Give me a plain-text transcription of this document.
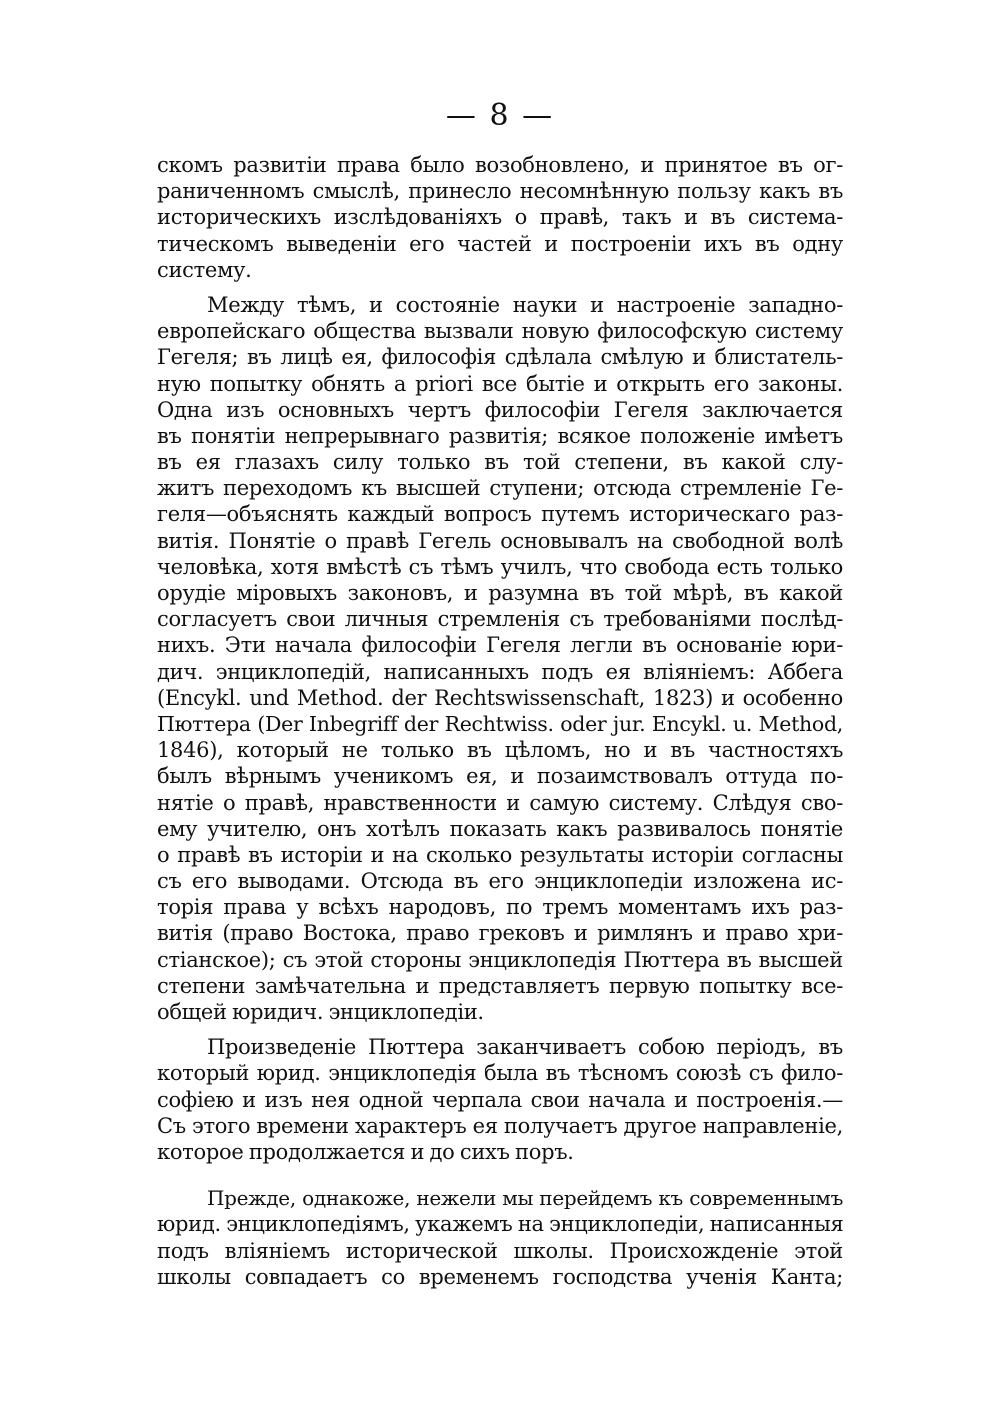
— 8 —
скомъ развитіи права было возобновлено, и принятое въ ог-
раниченномъ смыслѣ, принесло несомнѣнную пользу какъ въ
историческихъ изслѣдованіяхъ о правѣ, такъ и въ система-
тическомъ выведеніи его частей и построеніи ихъ въ одну
систему.
Между тѣмъ, и состояніе науки и настроеніе западно-
европейскаго общества вызвали новую философскую систему
Гегеля; въ лицѣ ея, философія сдѣлала смѣлую и блистатель-
ную попытку обнять a priori все бытіе и открыть его законы.
Одна изъ основныхъ чертъ философіи Гегеля заключается
въ понятіи непрерывнаго развитія; всякое положеніе имѣетъ
въ ея глазахъ силу только въ той степени, въ какой слу-
житъ переходомъ къ высшей ступени; отсюда стремленіе Ге-
геля—объяснять каждый вопросъ путемъ историческаго раз-
витія. Понятіе о правѣ Гегель основывалъ на свободной волѣ
человѣка, хотя вмѣстѣ съ тѣмъ училъ, что свобода есть только
орудіе міровыхъ законовъ, и разумна въ той мѣрѣ, въ какой
согласуетъ свои личныя стремленія съ требованіями послѣд-
нихъ. Эти начала философіи Гегеля легли въ основаніе юри-
дич. энциклопедій, написанныхъ подъ ея вліяніемъ: Аббега
(Encykl. und Method. der Rechtswissenschaft, 1823) и особенно
Пюттера (Der Inbegriff der Rechtwiss. oder jur. Encykl. u. Method,
1846), который не только въ цѣломъ, но и въ частностяхъ
былъ вѣрнымъ ученикомъ ея, и позаимствовалъ оттуда по-
нятіе о правѣ, нравственности и самую систему. Слѣдуя сво-
ему учителю, онъ хотѣлъ показать какъ развивалось понятіе
о правѣ въ исторіи и на сколько результаты исторіи согласны
съ его выводами. Отсюда въ его энциклопедіи изложена ис-
торія права у всѣхъ народовъ, по тремъ моментамъ ихъ раз-
витія (право Востока, право грековъ и римлянъ и право хри-
стіанское); съ этой стороны энциклопедія Пюттера въ высшей
степени замѣчательна и представляетъ первую попытку все-
общей юридич. энциклопедіи.
Произведеніе Пюттера заканчиваетъ собою періодъ, въ
который юрид. энциклопедія была въ тѣсномъ союзѣ съ фило-
софіею и изъ нея одной черпала свои начала и построенія.—
Съ этого времени характеръ ея получаетъ другое направленіе,
которое продолжается и до сихъ поръ.
Прежде, однакоже, нежели мы перейдемъ къ современнымъ
юрид. энциклопедіямъ, укажемъ на энциклопедіи, написанныя
подъ вліяніемъ исторической школы. Происхожденіе этой
школы совпадаетъ со временемъ господства ученія Канта;
